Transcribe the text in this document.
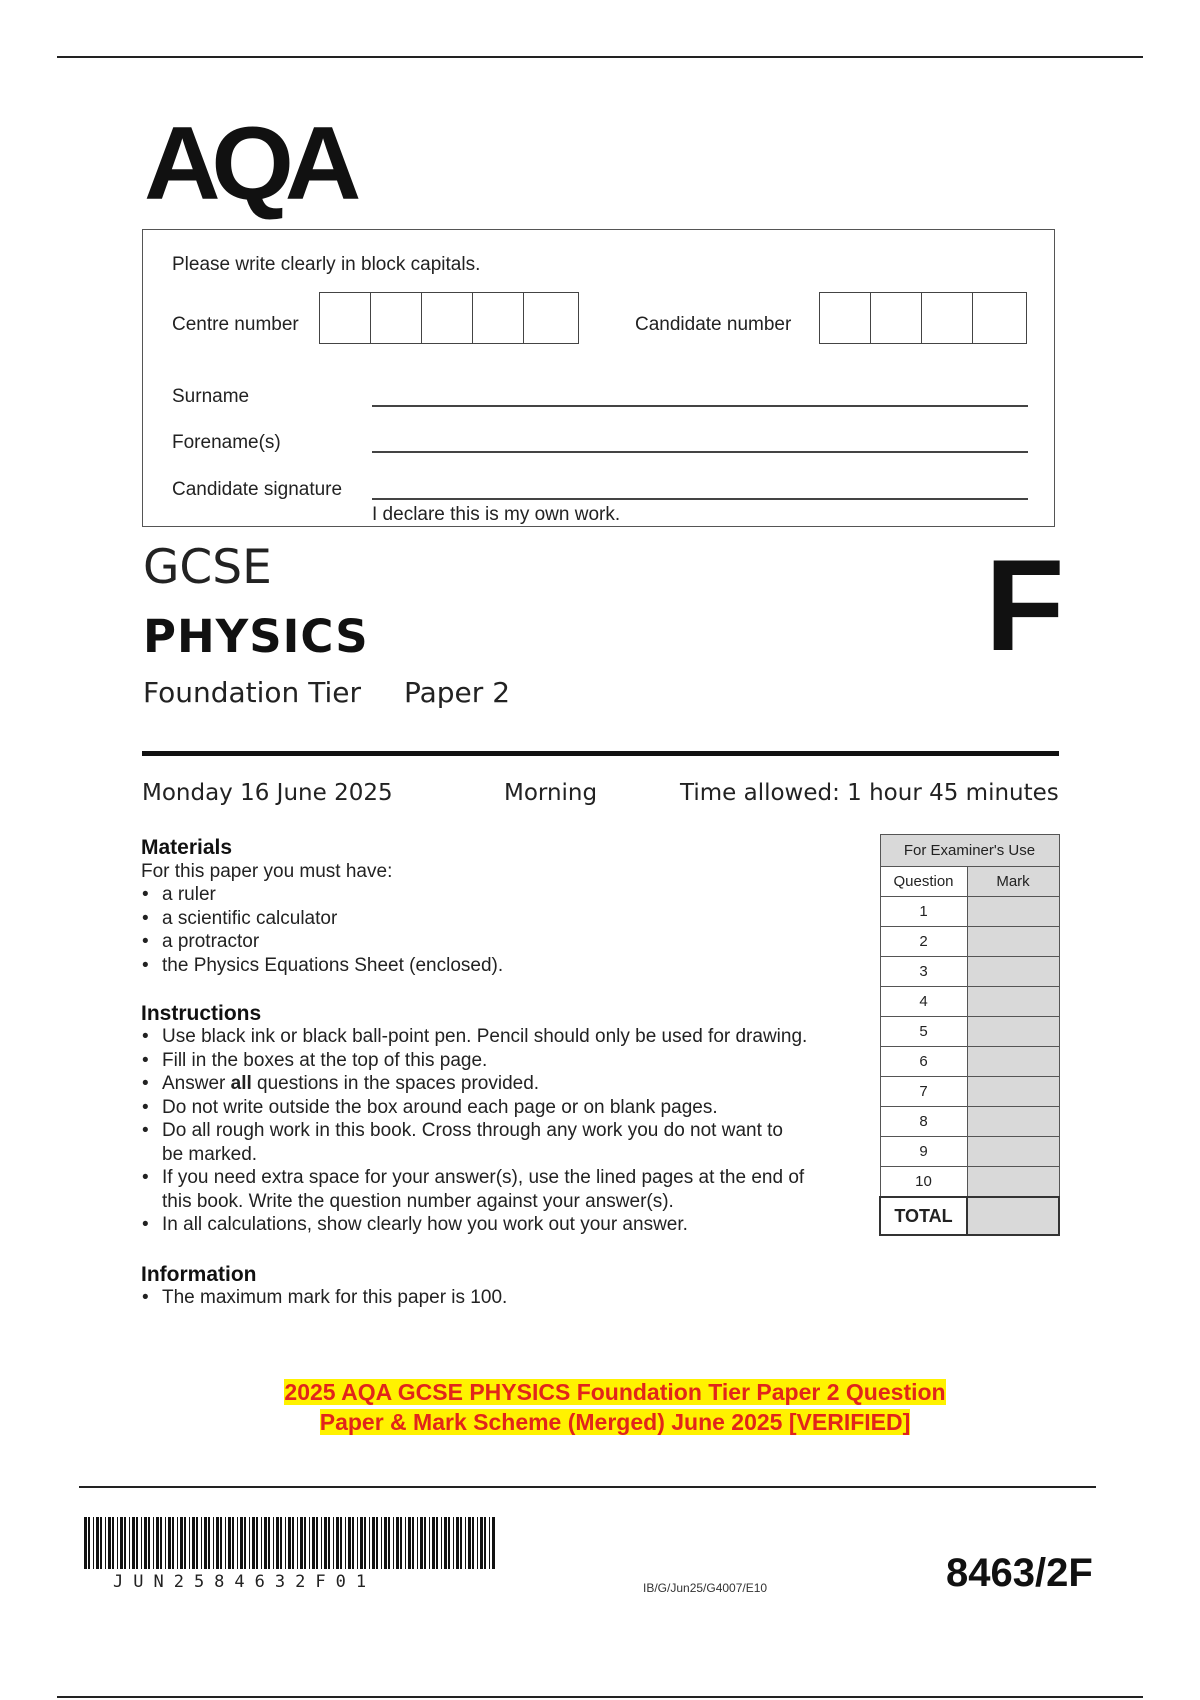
AQA
Please write clearly in block capitals.
Centre number	Candidate number
Surname
Forename(s)
Candidate signature
I declare this is my own work.
GCSE
PHYSICS
Foundation Tier Paper 2
F
Monday 16 June 2025	Morning	Time allowed: 1 hour 45 minutes
Materials
For this paper you must have:
• a ruler
• a scientific calculator
• a protractor
• the Physics Equations Sheet (enclosed).
Instructions
• Use black ink or black ball-point pen. Pencil should only be used for drawing.
• Fill in the boxes at the top of this page.
• Answer all questions in the spaces provided.
• Do not write outside the box around each page or on blank pages.
• Do all rough work in this book. Cross through any work you do not want to
be marked.
• If you need extra space for your answer(s), use the lined pages at the end of
this book. Write the question number against your answer(s).
• In all calculations, show clearly how you work out your answer.
Information
• The maximum mark for this paper is 100.
For Examiner's Use	
Question	Mark
1	
2	
3	
4	
5	
6	
7	
8	
9	
10	
TOTAL	
2025 AQA GCSE PHYSICS Foundation Tier Paper 2 Question
Paper & Mark Scheme (Merged) June 2025 [VERIFIED]
JUN2584632F01	IB/G/Jun25/G4007/E10	8463/2F
